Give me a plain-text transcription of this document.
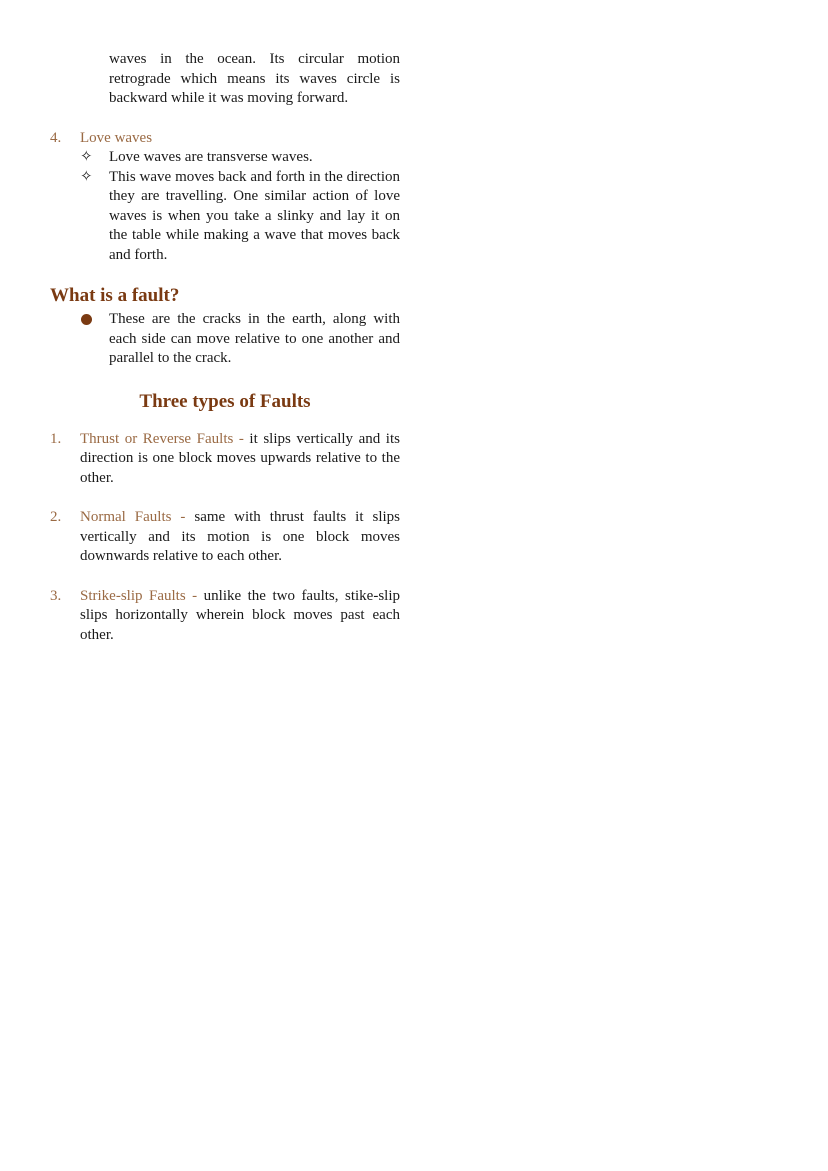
waves in the ocean. Its circular motion retrograde which means its waves circle is backward while it was moving forward.
4.	Love waves
✧	Love waves are transverse waves.
✧	This wave moves back and forth in the direction they are travelling. One similar action of love waves is when you take a slinky and lay it on the table while making a wave that moves back and forth.
What is a fault?
These are the cracks in the earth, along with each side can move relative to one another and parallel to the crack.
Three types of Faults
1.	Thrust or Reverse Faults - it slips vertically and its direction is one block moves upwards relative to the other.
2.	Normal Faults - same with thrust faults it slips vertically and its motion is one block moves downwards relative to each other.
3.	Strike-slip Faults - unlike the two faults, stike-slip slips horizontally wherein block moves past each other.
